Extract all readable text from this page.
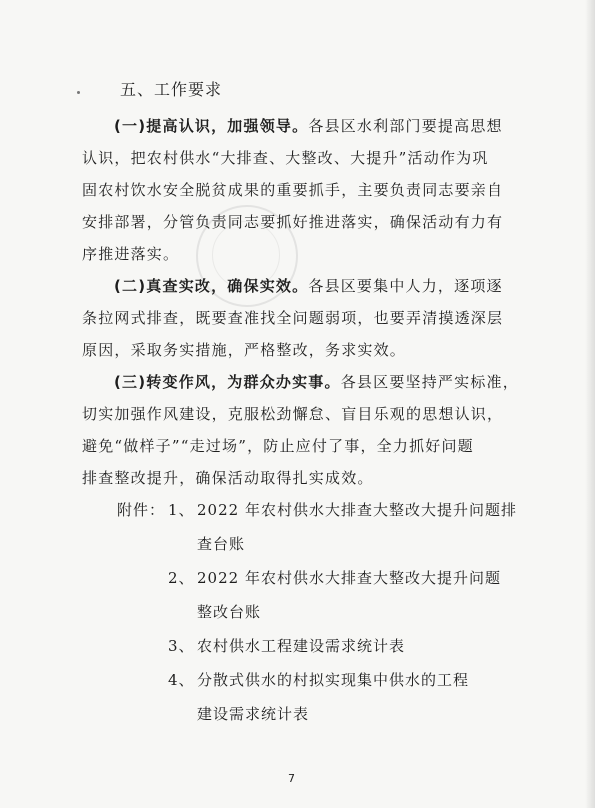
五、工作要求
(一)提高认识，加强领导。各县区水利部门要提高思想
认识，把农村供水“大排查、大整改、大提升”活动作为巩
固农村饮水安全脱贫成果的重要抓手，主要负责同志要亲自
安排部署，分管负责同志要抓好推进落实，确保活动有力有
序推进落实。
(二)真查实改，确保实效。各县区要集中人力，逐项逐
条拉网式排查，既要查准找全问题弱项，也要弄清摸透深层
原因，采取务实措施，严格整改，务求实效。
(三)转变作风，为群众办实事。各县区要坚持严实标准，
切实加强作风建设，克服松劲懈怠、盲目乐观的思想认识，
避免“做样子”“走过场”，防止应付了事，全力抓好问题
排查整改提升，确保活动取得扎实成效。
附件： 1、 2022 年农村供水大排查大整改大提升问题排
查台账
2、 2022 年农村供水大排查大整改大提升问题
整改台账
3、 农村供水工程建设需求统计表
4、 分散式供水的村拟实现集中供水的工程
建设需求统计表
7
